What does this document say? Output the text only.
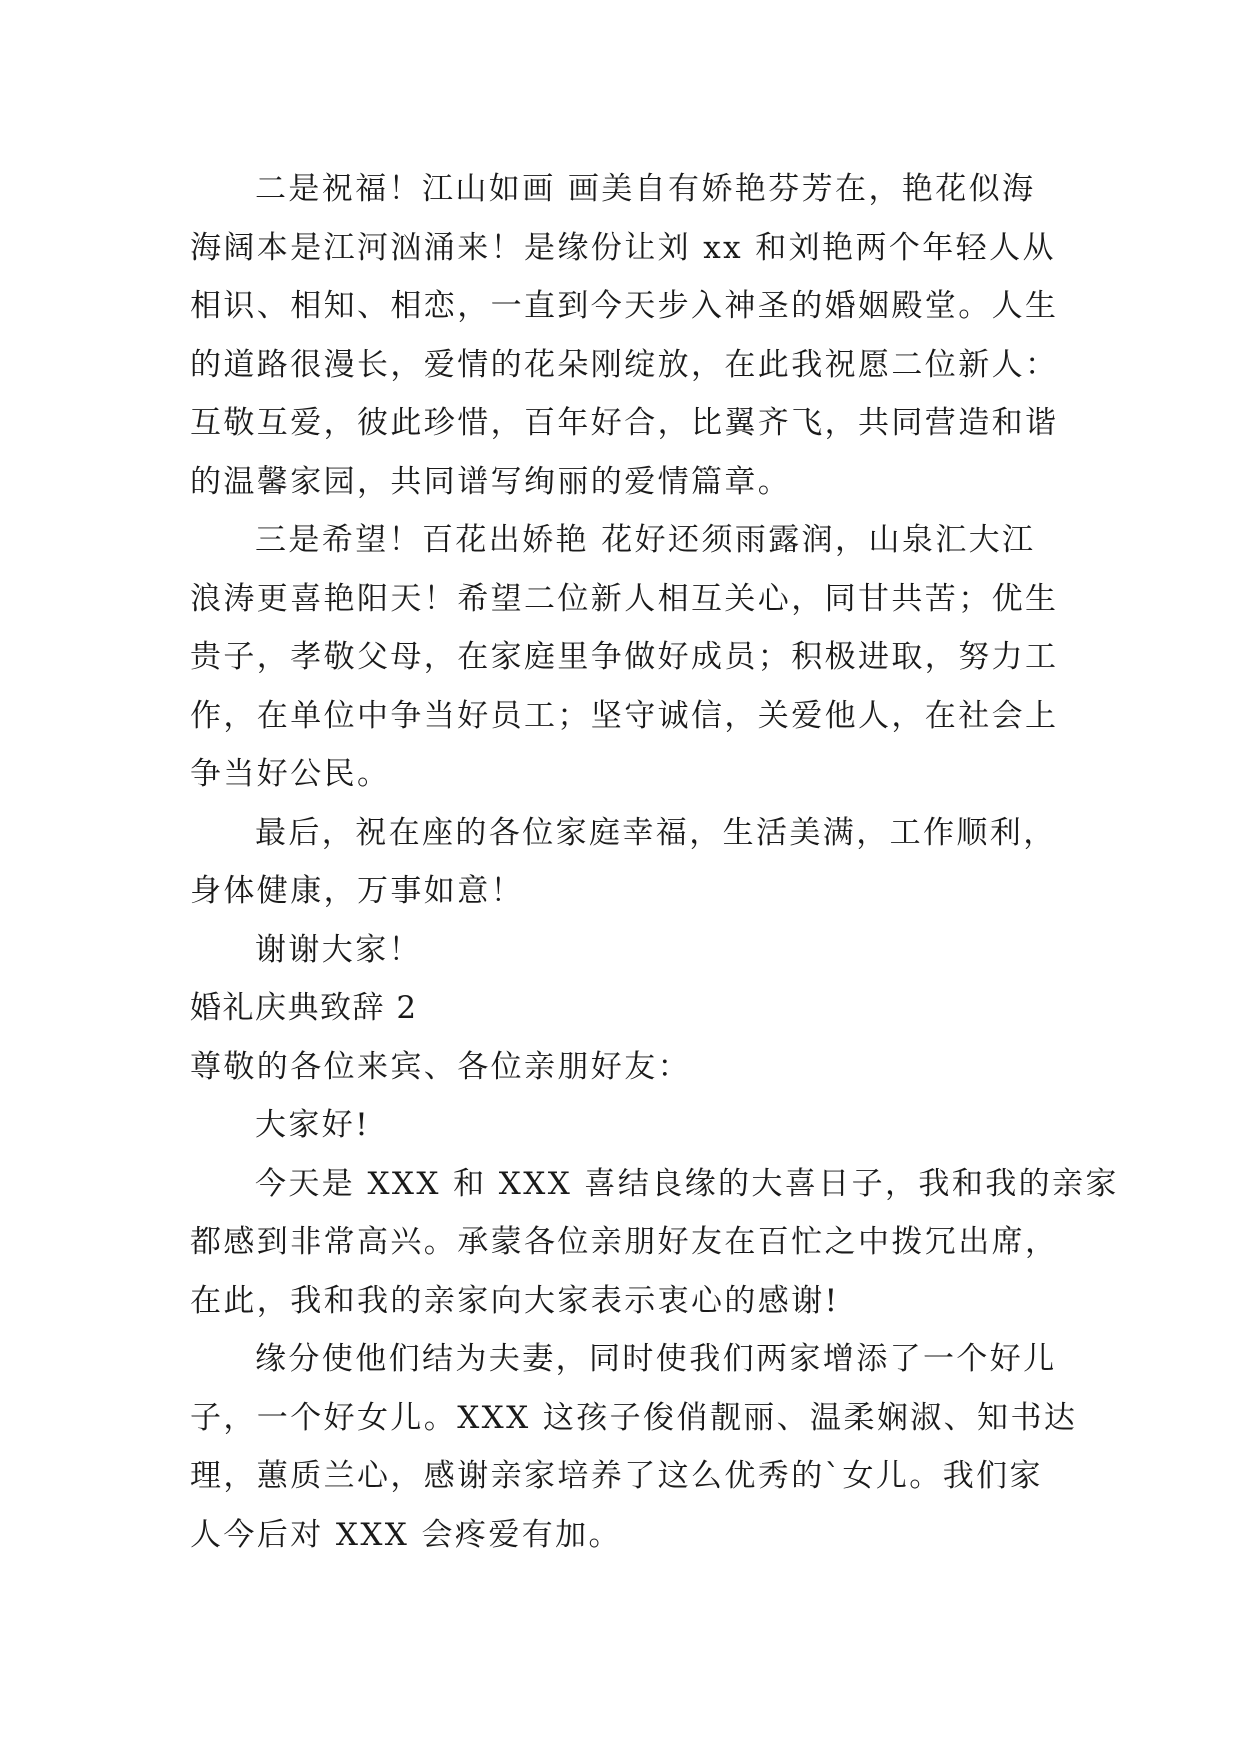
二是祝福！江山如画 画美自有娇艳芬芳在，艳花似海
海阔本是江河汹涌来！是缘份让刘 xx 和刘艳两个年轻人从
相识、相知、相恋，一直到今天步入神圣的婚姻殿堂。人生
的道路很漫长，爱情的花朵刚绽放，在此我祝愿二位新人：
互敬互爱，彼此珍惜，百年好合，比翼齐飞，共同营造和谐
的温馨家园，共同谱写绚丽的爱情篇章。
三是希望！百花出娇艳 花好还须雨露润，山泉汇大江
浪涛更喜艳阳天！希望二位新人相互关心，同甘共苦；优生
贵子，孝敬父母，在家庭里争做好成员；积极进取，努力工
作，在单位中争当好员工；坚守诚信，关爱他人，在社会上
争当好公民。
最后，祝在座的各位家庭幸福，生活美满，工作顺利，
身体健康，万事如意！
谢谢大家！
婚礼庆典致辞 2
尊敬的各位来宾、各位亲朋好友：
大家好!
今天是 XXX 和 XXX 喜结良缘的大喜日子，我和我的亲家
都感到非常高兴。承蒙各位亲朋好友在百忙之中拨冗出席，
在此，我和我的亲家向大家表示衷心的感谢!
缘分使他们结为夫妻，同时使我们两家增添了一个好儿
子，一个好女儿。XXX 这孩子俊俏靓丽、温柔娴淑、知书达
理，蕙质兰心，感谢亲家培养了这么优秀的`女儿。我们家
人今后对 XXX 会疼爱有加。
